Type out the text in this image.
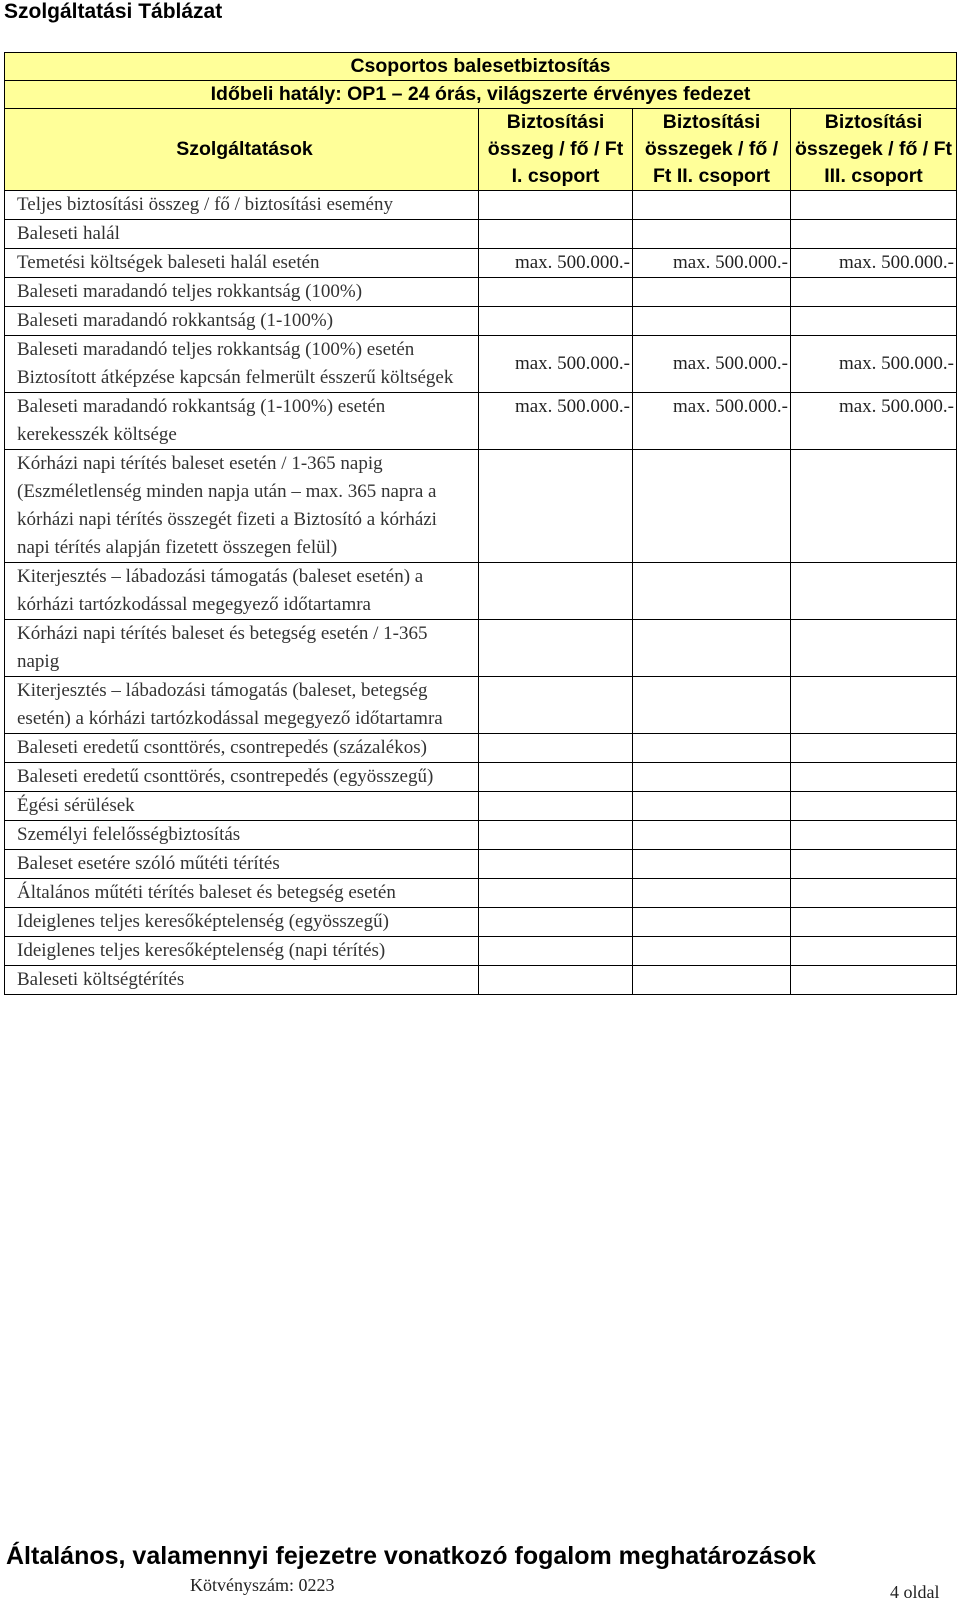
Szolgáltatási Táblázat
Csoportos balesetbiztosítás			
Időbeli hatály: OP1 – 24 órás, világszerte érvényes fedezet			
Szolgáltatások	Biztosítási összeg / fő / Ft I. csoport	Biztosítási összegek / fő / Ft II. csoport	Biztosítási összegek / fő / Ft III. csoport
Teljes biztosítási összeg / fő / biztosítási esemény			
Baleseti halál			
Temetési költségek baleseti halál esetén	max. 500.000.-	max. 500.000.-	max. 500.000.-
Baleseti maradandó teljes rokkantság (100%)			
Baleseti maradandó rokkantság (1-100%)			
Baleseti maradandó teljes rokkantság (100%) esetén Biztosított átképzése kapcsán felmerült ésszerű költségek	max. 500.000.-	max. 500.000.-	max. 500.000.-
Baleseti maradandó rokkantság (1-100%) esetén kerekesszék költsége	max. 500.000.-	max. 500.000.-	max. 500.000.-
Kórházi napi térítés baleset esetén / 1-365 napig (Eszméletlenség minden napja után – max. 365 napra a kórházi napi térítés összegét fizeti a Biztosító a kórházi napi térítés alapján fizetett összegen felül)			
Kiterjesztés – lábadozási támogatás (baleset esetén) a kórházi tartózkodással megegyező időtartamra			
Kórházi napi térítés baleset és betegség esetén / 1-365 napig			
Kiterjesztés – lábadozási támogatás (baleset, betegség esetén) a kórházi tartózkodással megegyező időtartamra			
Baleseti eredetű csonttörés, csontrepedés (százalékos)			
Baleseti eredetű csonttörés, csontrepedés (egyösszegű)			
Égési sérülések			
Személyi felelősségbiztosítás			
Baleset esetére szóló műtéti térítés			
Általános műtéti térítés baleset és betegség esetén			
Ideiglenes teljes keresőképtelenség (egyösszegű)			
Ideiglenes teljes keresőképtelenség (napi térítés)			
Baleseti költségtérítés			
Általános, valamennyi fejezetre vonatkozó fogalom meghatározások
Kötvényszám: 0223	4 oldal
